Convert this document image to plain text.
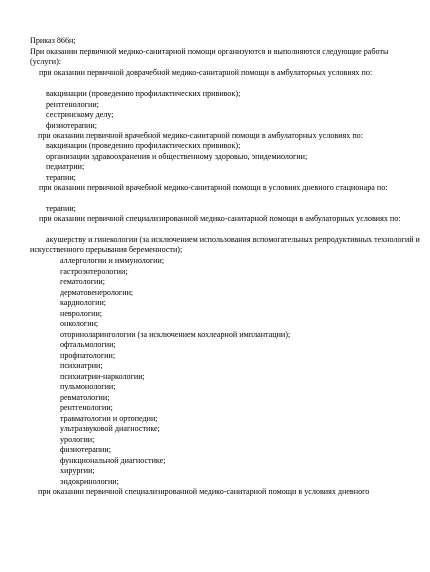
Приказ 866н;
При оказании первичной медико-санитарной помощи организуются и выполняются следующие работы (услуги):
при оказании первичной доврачебной медико-санитарной помощи в амбулаторных условиях по:
вакцинации (проведению профилактических прививок);
рентгенологии;
сестринскому делу;
физиотерапии;
при оказании первичной врачебной медико-санитарной помощи в амбулаторных условиях по:
вакцинации (проведению профилактических прививок);
организации здравоохранения и общественному здоровью, эпидемиологии;
педиатрии;
терапии;
при оказании первичной врачебной медико-санитарной помощи в условиях дневного стационара по:
терапии;
при оказании первичной специализированной медико-санитарной помощи в амбулаторных условиях по:
акушерству и гинекологии (за исключением использования вспомогательных репродуктивных технологий и искусственного прерывания беременности);
аллергологии и иммунологии;
гастроэнтерологии;
гематологии;
дерматовенерологии;
кардиологии;
неврологии;
онкологии;
оториноларингологии (за исключением кохлеарной имплантации);
офтальмологии;
профпатологии;
психиатрии;
психиатрии-наркологии;
пульмонологии;
ревматологии;
рентгенологии;
травматологии и ортопедии;
ультразвуковой диагностике;
урологии;
физиотерапии;
функциональной диагностике;
хирургии;
эндокринологии;
при оказании первичной специализированной медико-санитарной помощи в условиях дневного
